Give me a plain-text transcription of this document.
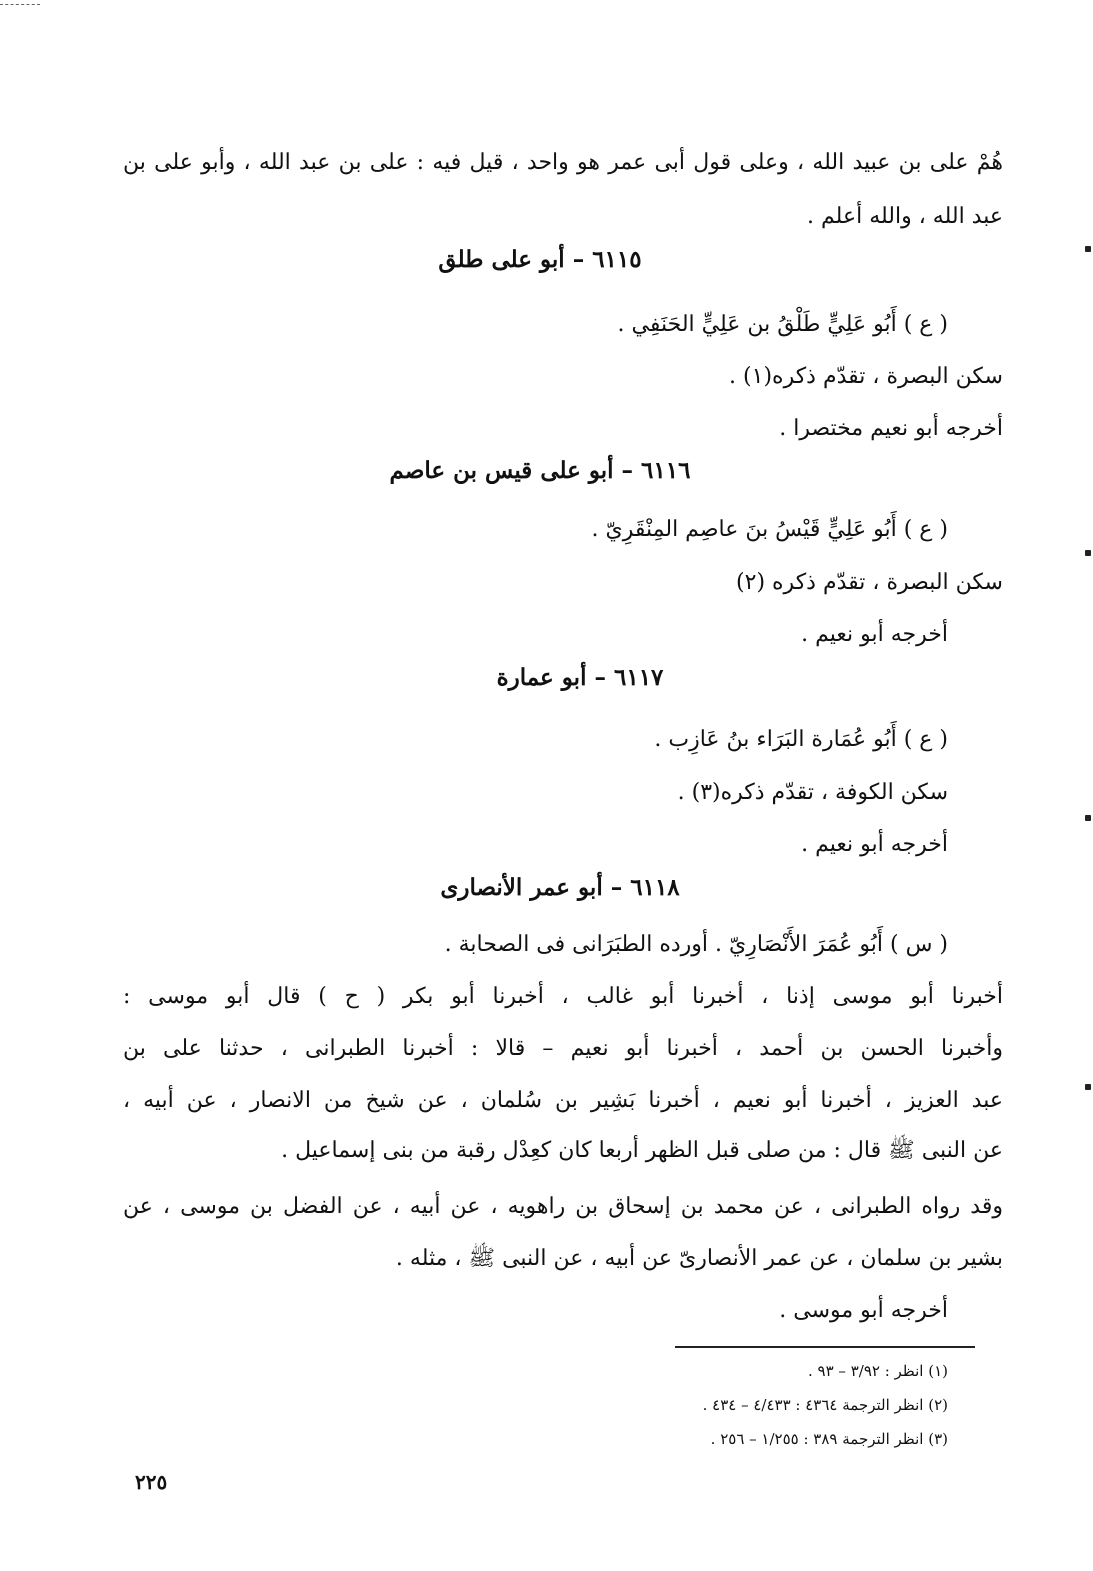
هُمْ على بن عبيد الله ، وعلى قول أبى عمر هو واحد ، قيل فيه : على بن عبد الله ، وأبو على بن
عبد الله ، والله أعلم .
٦١١٥ – أبو على طلق
( ع ) أَبُو عَلِيٍّ طَلْقُ بن عَلِيٍّ الحَنَفِي .
سكن البصرة ، تقدّم ذكره(١) .
أخرجه أبو نعيم مختصرا .
٦١١٦ – أبو على قيس بن عاصم
( ع ) أَبُو عَلِيٍّ قَيْسُ بنَ عاصِم المِنْقَرِيّ .
سكن البصرة ، تقدّم ذكره (٢)
أخرجه أبو نعيم .
٦١١٧ – أبو عمارة
( ع ) أَبُو عُمَارة البَرَاء بنُ عَازِب .
سكن الكوفة ، تقدّم ذكره(٣) .
أخرجه أبو نعيم .
٦١١٨ – أبو عمر الأنصارى
( س ) أَبُو عُمَرَ الأَنْصَارِيّ . أورده الطبَرَانى فى الصحابة .
أخبرنا أبو موسى إذنا ، أخبرنا أبو غالب ، أخبرنا أبو بكر ( ح ) قال أبو موسى :
وأخبرنا الحسن بن أحمد ، أخبرنا أبو نعيم – قالا : أخبرنا الطبرانى ، حدثنا على بن
عبد العزيز ، أخبرنا أبو نعيم ، أخبرنا بَشِير بن سُلمان ، عن شيخ من الانصار ، عن أبيه ،
عن النبى ﷺ قال : من صلى قبل الظهر أربعا كان كعِدْل رقبة من بنى إسماعيل .
وقد رواه الطبرانى ، عن محمد بن إسحاق بن راهويه ، عن أبيه ، عن الفضل بن موسى ، عن
بشير بن سلمان ، عن عمر الأنصارىّ عن أبيه ، عن النبى ﷺ ، مثله .
أخرجه أبو موسى .
(١) انظر : ٣/٩٢ – ٩٣ .
(٢) انظر الترجمة ٤٣٦٤ : ٤/٤٣٣ – ٤٣٤ .
(٣) انظر الترجمة ٣٨٩ : ١/٢٥٥ – ٢٥٦ .
٢٢٥
